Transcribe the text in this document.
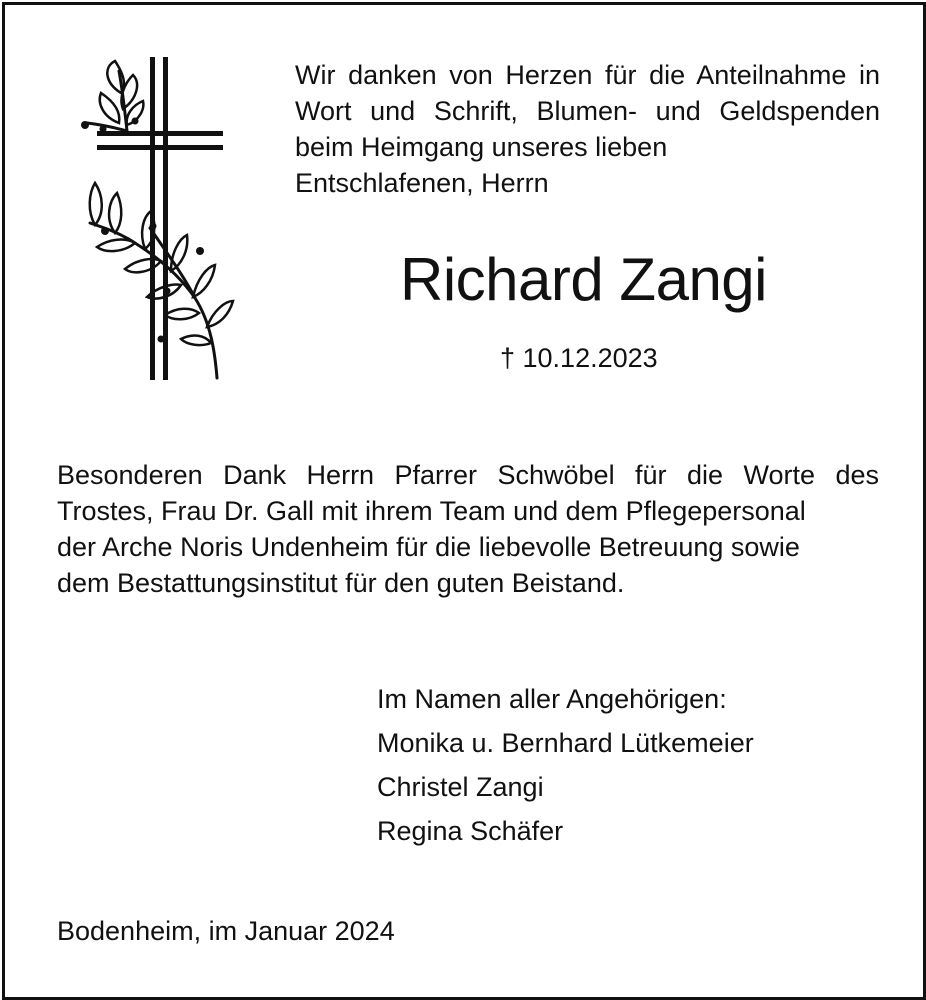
Wir danken von Herzen für die Anteilnahme in
Wort und Schrift, Blumen- und Geldspenden
beim Heimgang unseres lieben
Entschlafenen, Herrn
Richard Zangi
† 10.12.2023
Besonderen Dank Herrn Pfarrer Schwöbel für die Worte des
Trostes, Frau Dr. Gall mit ihrem Team und dem Pflegepersonal
der Arche Noris Undenheim für die liebevolle Betreuung sowie
dem Bestattungsinstitut für den guten Beistand.
Im Namen aller Angehörigen:
Monika u. Bernhard Lütkemeier
Christel Zangi
Regina Schäfer
Bodenheim, im Januar 2024
